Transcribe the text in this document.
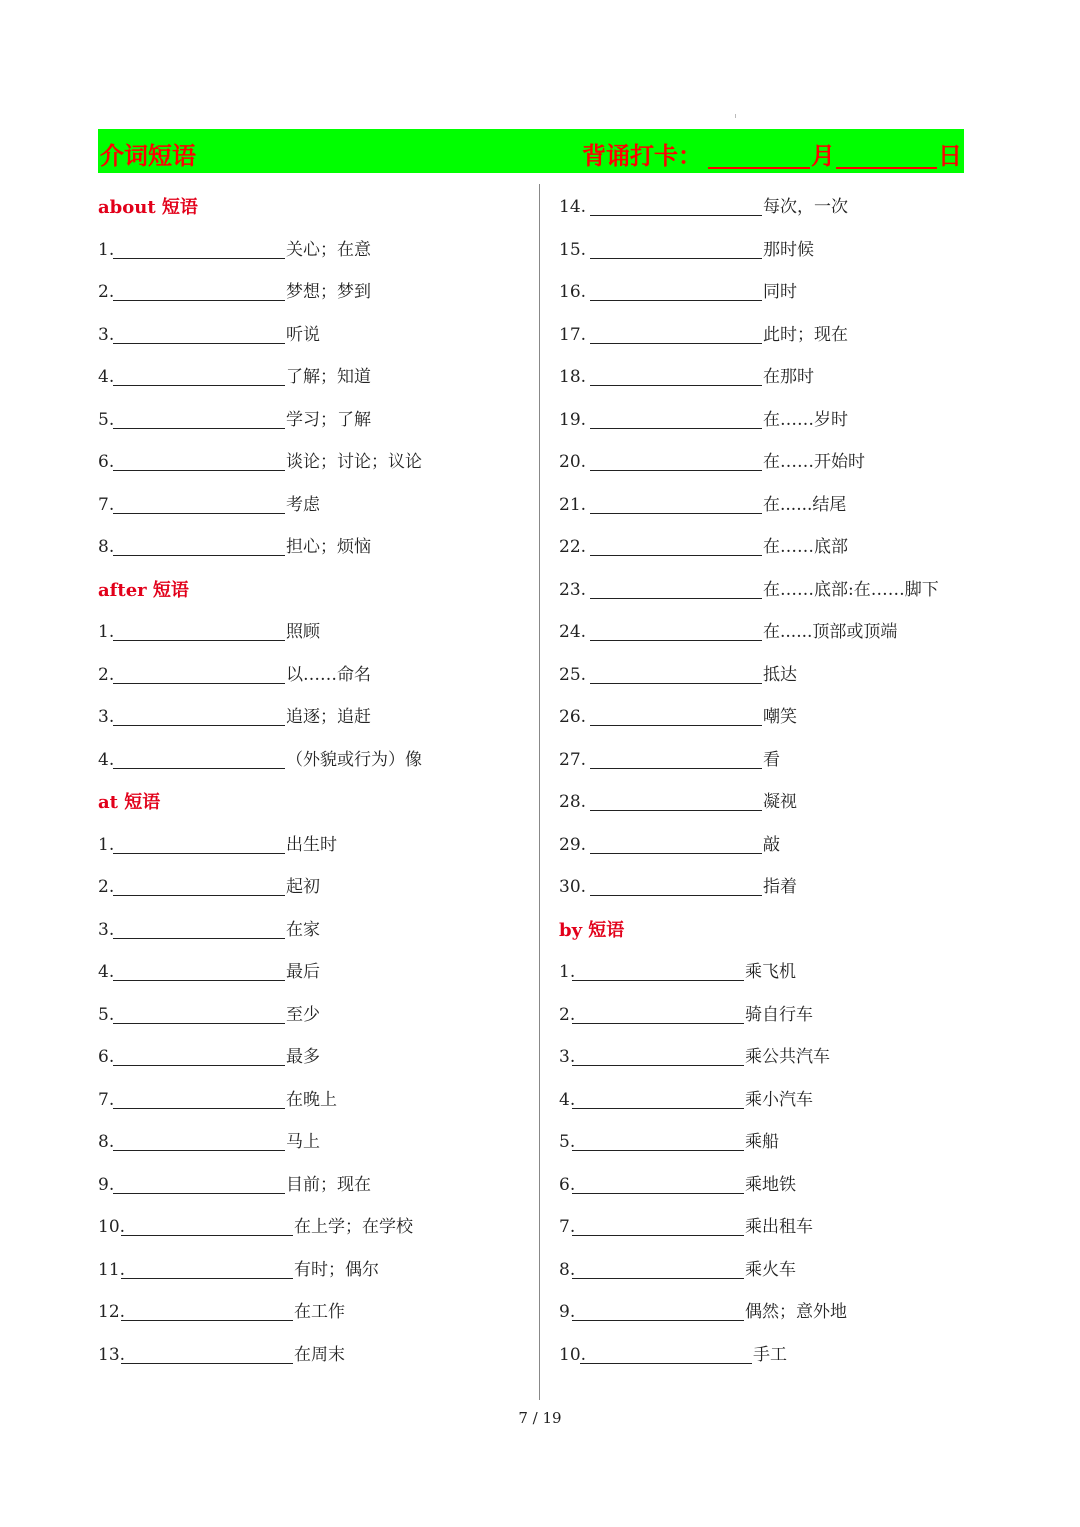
介词短语	背诵打卡：	月	日
about 短语
1.	关心；在意
2.	梦想；梦到
3.	听说
4.	了解；知道
5.	学习；了解
6.	谈论；讨论；议论
7.	考虑
8.	担心；烦恼
after 短语
1.	照顾
2.	以……命名
3.	追逐；追赶
4.	（外貌或行为）像
at 短语
1.	出生时
2.	起初
3.	在家
4.	最后
5.	至少
6.	最多
7.	在晚上
8.	马上
9.	目前；现在
10.	在上学；在学校
11.	有时；偶尔
12.	在工作
13.	在周末
14.	每次，一次
15.	那时候
16.	同时
17.	此时；现在
18.	在那时
19.	在……岁时
20.	在……开始时
21.	在......结尾
22.	在……底部
23.	在……底部:在……脚下
24.	在......顶部或顶端
25.	抵达
26.	嘲笑
27.	看
28.	凝视
29.	敲
30.	指着
by 短语
1.	乘飞机
2.	骑自行车
3.	乘公共汽车
4.	乘小汽车
5.	乘船
6.	乘地铁
7.	乘出租车
8.	乘火车
9.	偶然；意外地
10.	手工
7 / 19
